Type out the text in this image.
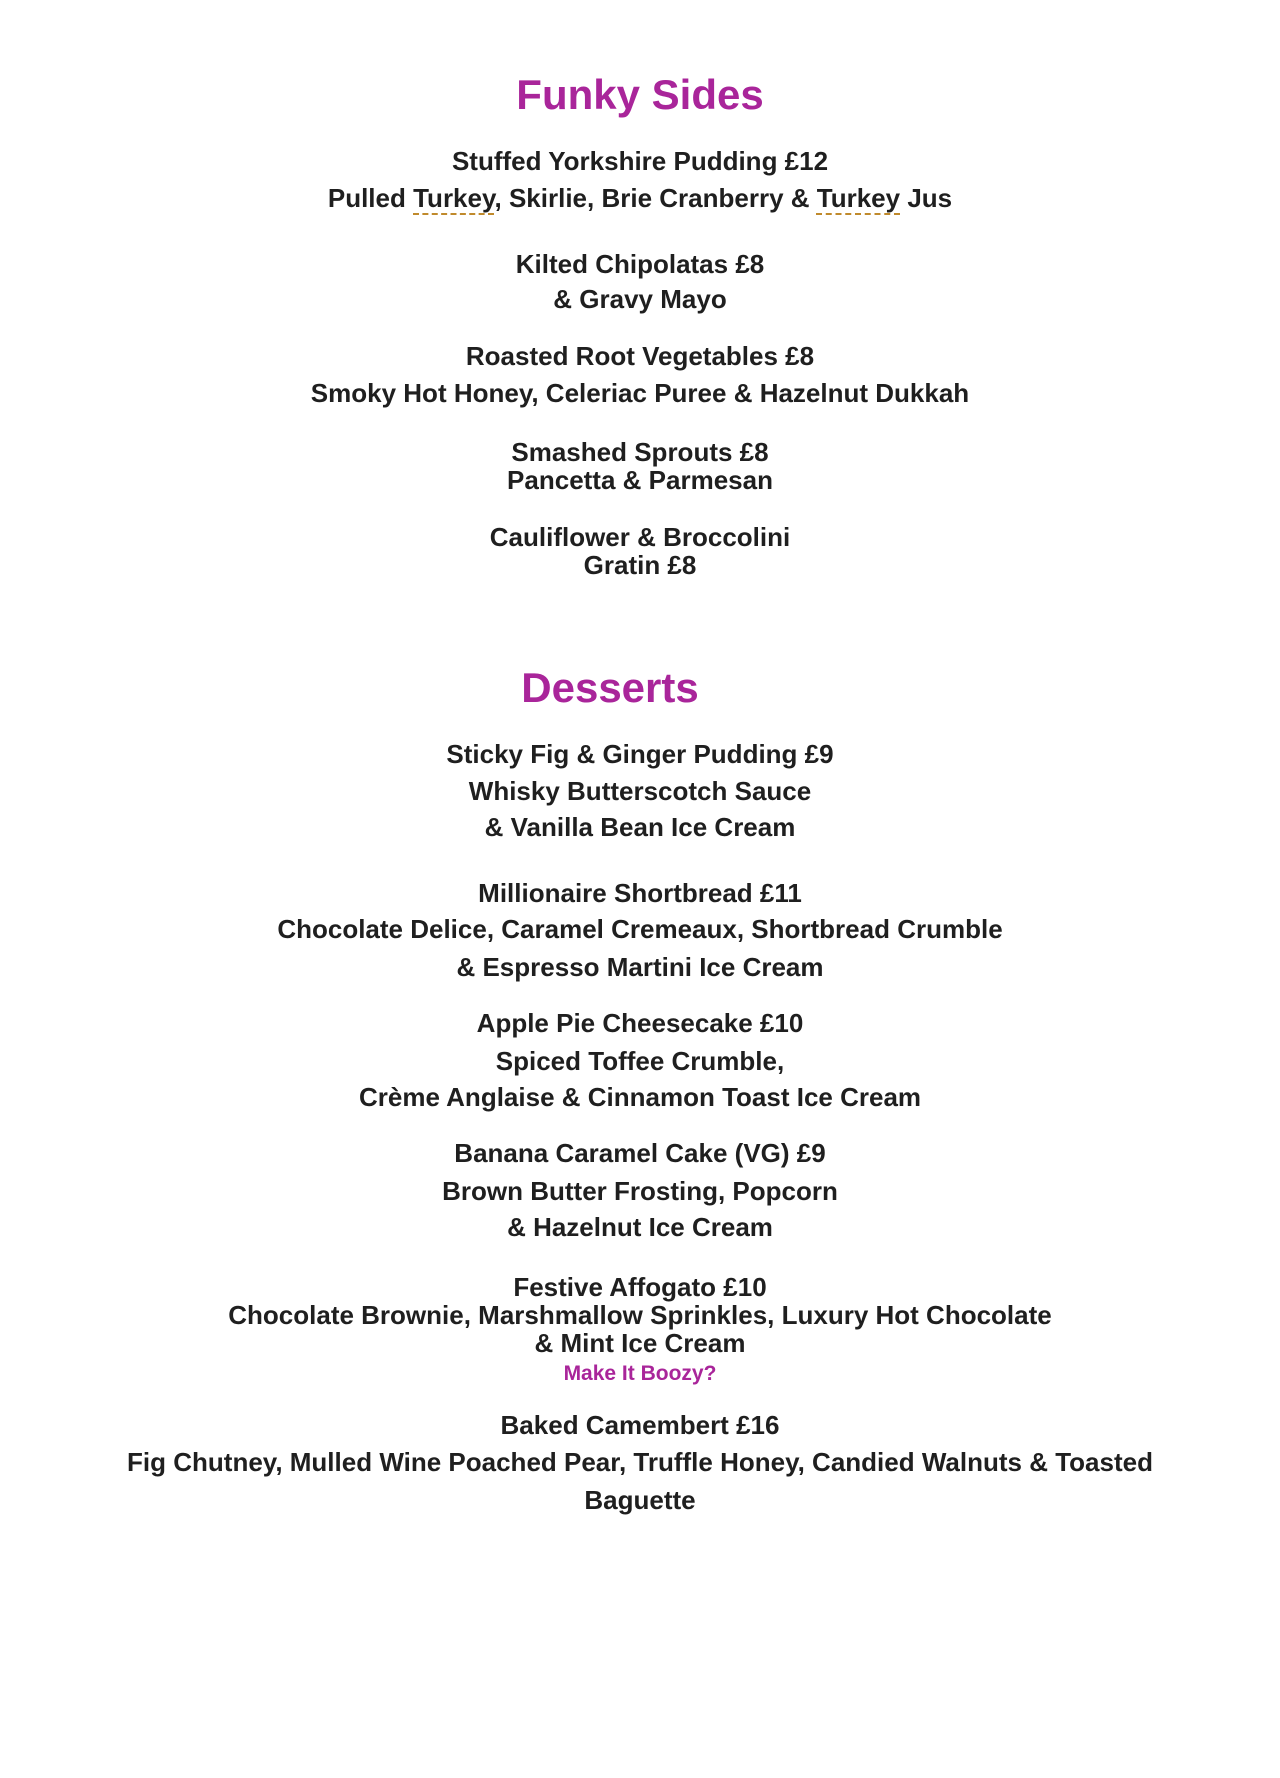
Funky Sides
Stuffed Yorkshire Pudding £12
Pulled Turkey, Skirlie, Brie Cranberry & Turkey Jus
Kilted Chipolatas £8
& Gravy Mayo
Roasted Root Vegetables £8
Smoky Hot Honey, Celeriac Puree & Hazelnut Dukkah
Smashed Sprouts £8
Pancetta & Parmesan
Cauliflower & Broccolini
Gratin £8
Desserts
Sticky Fig & Ginger Pudding £9
Whisky Butterscotch Sauce
& Vanilla Bean Ice Cream
Millionaire Shortbread £11
Chocolate Delice, Caramel Cremeaux, Shortbread Crumble
& Espresso Martini Ice Cream
Apple Pie Cheesecake £10
Spiced Toffee Crumble,
Crème Anglaise & Cinnamon Toast Ice Cream
Banana Caramel Cake (VG) £9
Brown Butter Frosting, Popcorn
& Hazelnut Ice Cream
Festive Affogato £10
Chocolate Brownie, Marshmallow Sprinkles, Luxury Hot Chocolate
& Mint Ice Cream
Make It Boozy?
Baked Camembert £16
Fig Chutney, Mulled Wine Poached Pear, Truffle Honey, Candied Walnuts & Toasted
Baguette
